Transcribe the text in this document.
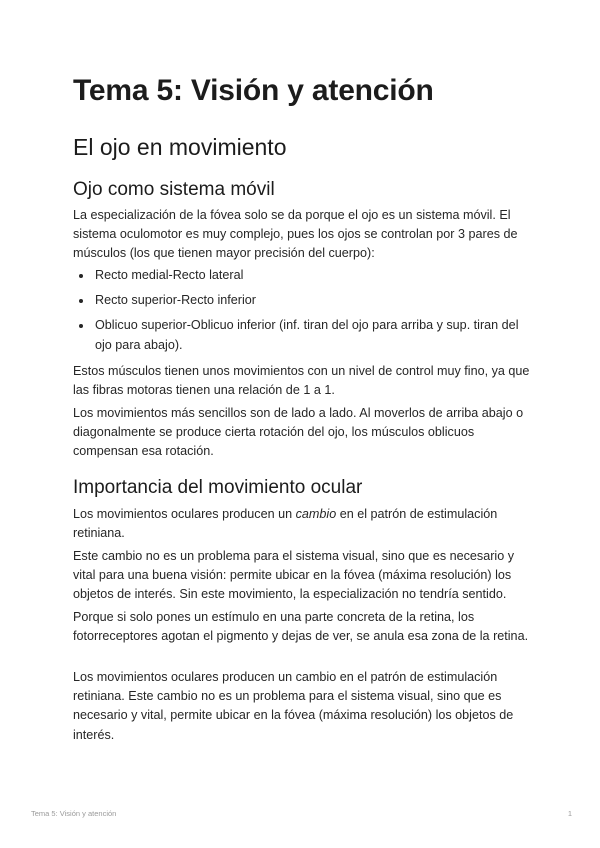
Tema 5: Visión y atención
El ojo en movimiento
Ojo como sistema móvil

La especialización de la fóvea solo se da porque el ojo es un sistema móvil. El sistema oculomotor es muy complejo, pues los ojos se controlan por 3 pares de músculos (los que tienen mayor precisión del cuerpo):

Recto medial-Recto lateral
Recto superior-Recto inferior
Oblicuo superior-Oblicuo inferior (inf. tiran del ojo para arriba y sup. tiran del ojo para abajo).

Estos músculos tienen unos movimientos con un nivel de control muy fino, ya que las fibras motoras tienen una relación de 1 a 1.

Los movimientos más sencillos son de lado a lado. Al moverlos de arriba abajo o diagonalmente se produce cierta rotación del ojo, los músculos oblicuos compensan esa rotación.

Importancia del movimiento ocular

Los movimientos oculares producen un cambio en el patrón de estimulación retiniana.

Este cambio no es un problema para el sistema visual, sino que es necesario y vital para una buena visión: permite ubicar en la fóvea (máxima resolución) los objetos de interés. Sin este movimiento, la especialización no tendría sentido.

Porque si solo pones un estímulo en una parte concreta de la retina, los fotorreceptores agotan el pigmento y dejas de ver, se anula esa zona de la retina.

Los movimientos oculares producen un cambio en el patrón de estimulación retiniana. Este cambio no es un problema para el sistema visual, sino que es necesario y vital, permite ubicar en la fóvea (máxima resolución) los objetos de interés.

Tema 5: Visión y atención	1
